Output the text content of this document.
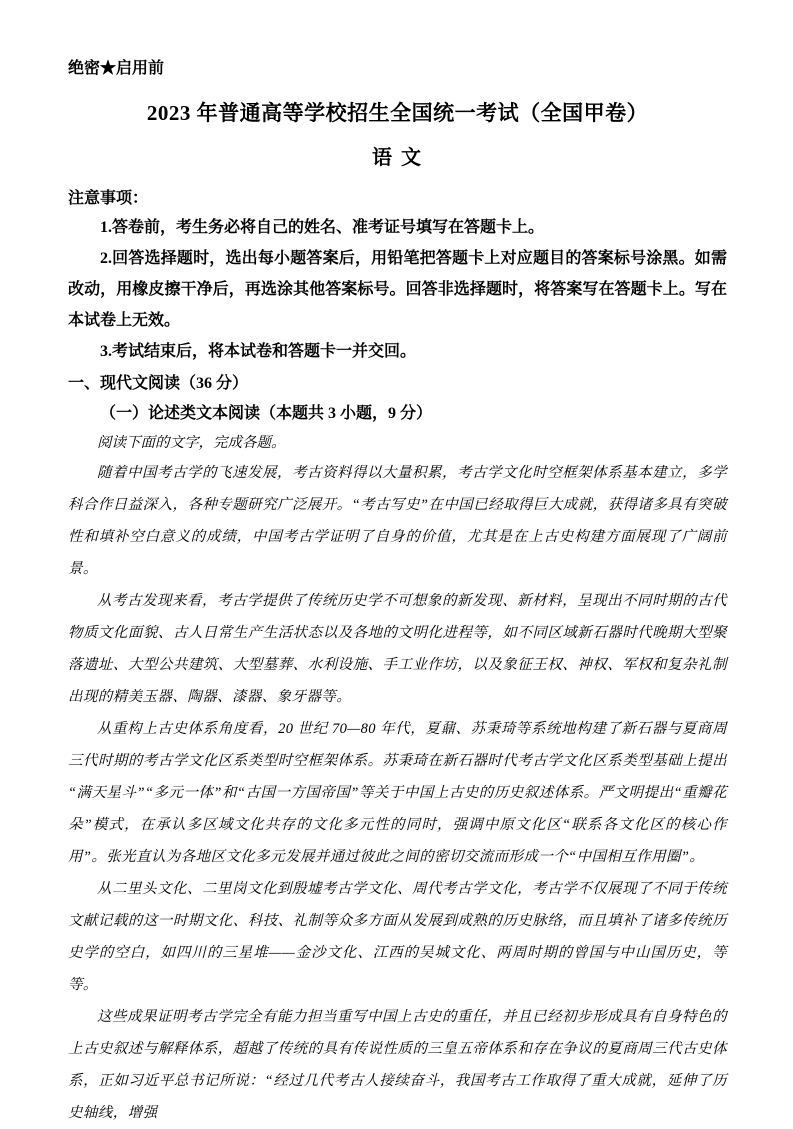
绝密★启用前
2023 年普通高等学校招生全国统一考试（全国甲卷）
语 文
注意事项：

1.答卷前，考生务必将自己的姓名、准考证号填写在答题卡上。

2.回答选择题时，选出每小题答案后，用铅笔把答题卡上对应题目的答案标号涂黑。如需改动，用橡皮擦干净后，再选涂其他答案标号。回答非选择题时，将答案写在答题卡上。写在本试卷上无效。

3.考试结束后，将本试卷和答题卡一并交回。

一、现代文阅读（36 分）
（一）论述类文本阅读（本题共 3 小题，9 分）

阅读下面的文字，完成各题。

随着中国考古学的飞速发展，考古资料得以大量积累，考古学文化时空框架体系基本建立，多学科合作日益深入，各种专题研究广泛展开。“考古写史”在中国已经取得巨大成就，获得诸多具有突破性和填补空白意义的成绩，中国考古学证明了自身的价值，尤其是在上古史构建方面展现了广阔前景。

从考古发现来看，考古学提供了传统历史学不可想象的新发现、新材料，呈现出不同时期的古代物质文化面貌、古人日常生产生活状态以及各地的文明化进程等，如不同区域新石器时代晚期大型聚落遗址、大型公共建筑、大型墓葬、水利设施、手工业作坊，以及象征王权、神权、军权和复杂礼制出现的精美玉器、陶器、漆器、象牙器等。

从重构上古史体系角度看，20 世纪 70—80 年代，夏鼐、苏秉琦等系统地构建了新石器与夏商周三代时期的考古学文化区系类型时空框架体系。苏秉琦在新石器时代考古学文化区系类型基础上提出“满天星斗”“多元一体”和“古国一方国帝国”等关于中国上古史的历史叙述体系。严文明提出“重瓣花朵”模式，在承认多区域文化共存的文化多元性的同时，强调中原文化区“联系各文化区的核心作用”。张光直认为各地区文化多元发展并通过彼此之间的密切交流而形成一个“中国相互作用圈”。

从二里头文化、二里岗文化到殷墟考古学文化、周代考古学文化，考古学不仅展现了不同于传统文献记载的这一时期文化、科技、礼制等众多方面从发展到成熟的历史脉络，而且填补了诸多传统历史学的空白，如四川的三星堆——金沙文化、江西的吴城文化、两周时期的曾国与中山国历史，等等。

这些成果证明考古学完全有能力担当重写中国上古史的重任，并且已经初步形成具有自身特色的上古史叙述与解释体系，超越了传统的具有传说性质的三皇五帝体系和存在争议的夏商周三代古史体系，正如习近平总书记所说：“经过几代考古人接续奋斗，我国考古工作取得了重大成就，延伸了历史轴线，增强
